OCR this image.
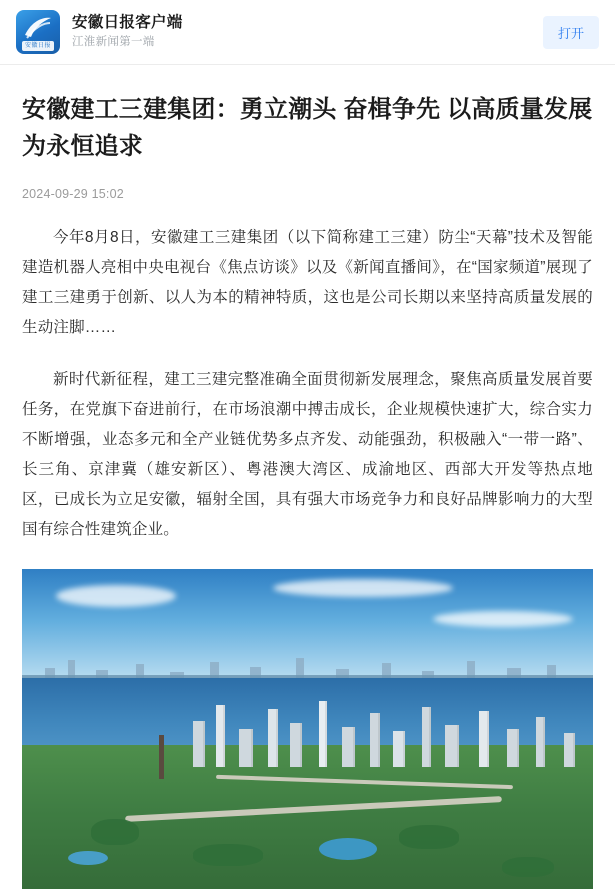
安徽日报
安徽日报客户端
江淮新闻第一端
打开
安徽建工三建集团：勇立潮头 奋楫争先 以高质量发展为永恒追求
2024-09-29 15:02

今年8月8日，安徽建工三建集团（以下简称建工三建）防尘“天幕”技术及智能建造机器人亮相中央电视台《焦点访谈》以及《新闻直播间》，在“国家频道”展现了建工三建勇于创新、以人为本的精神特质，这也是公司长期以来坚持高质量发展的生动注脚……

新时代新征程，建工三建完整准确全面贯彻新发展理念，聚焦高质量发展首要任务，在党旗下奋进前行，在市场浪潮中搏击成长，企业规模快速扩大，综合实力不断增强，业态多元和全产业链优势多点齐发、动能强劲，积极融入“一带一路”、长三角、京津冀（雄安新区）、粤港澳大湾区、成渝地区、西部大开发等热点地区，已成长为立足安徽，辐射全国，具有强大市场竞争力和良好品牌影响力的大型国有综合性建筑企业。
